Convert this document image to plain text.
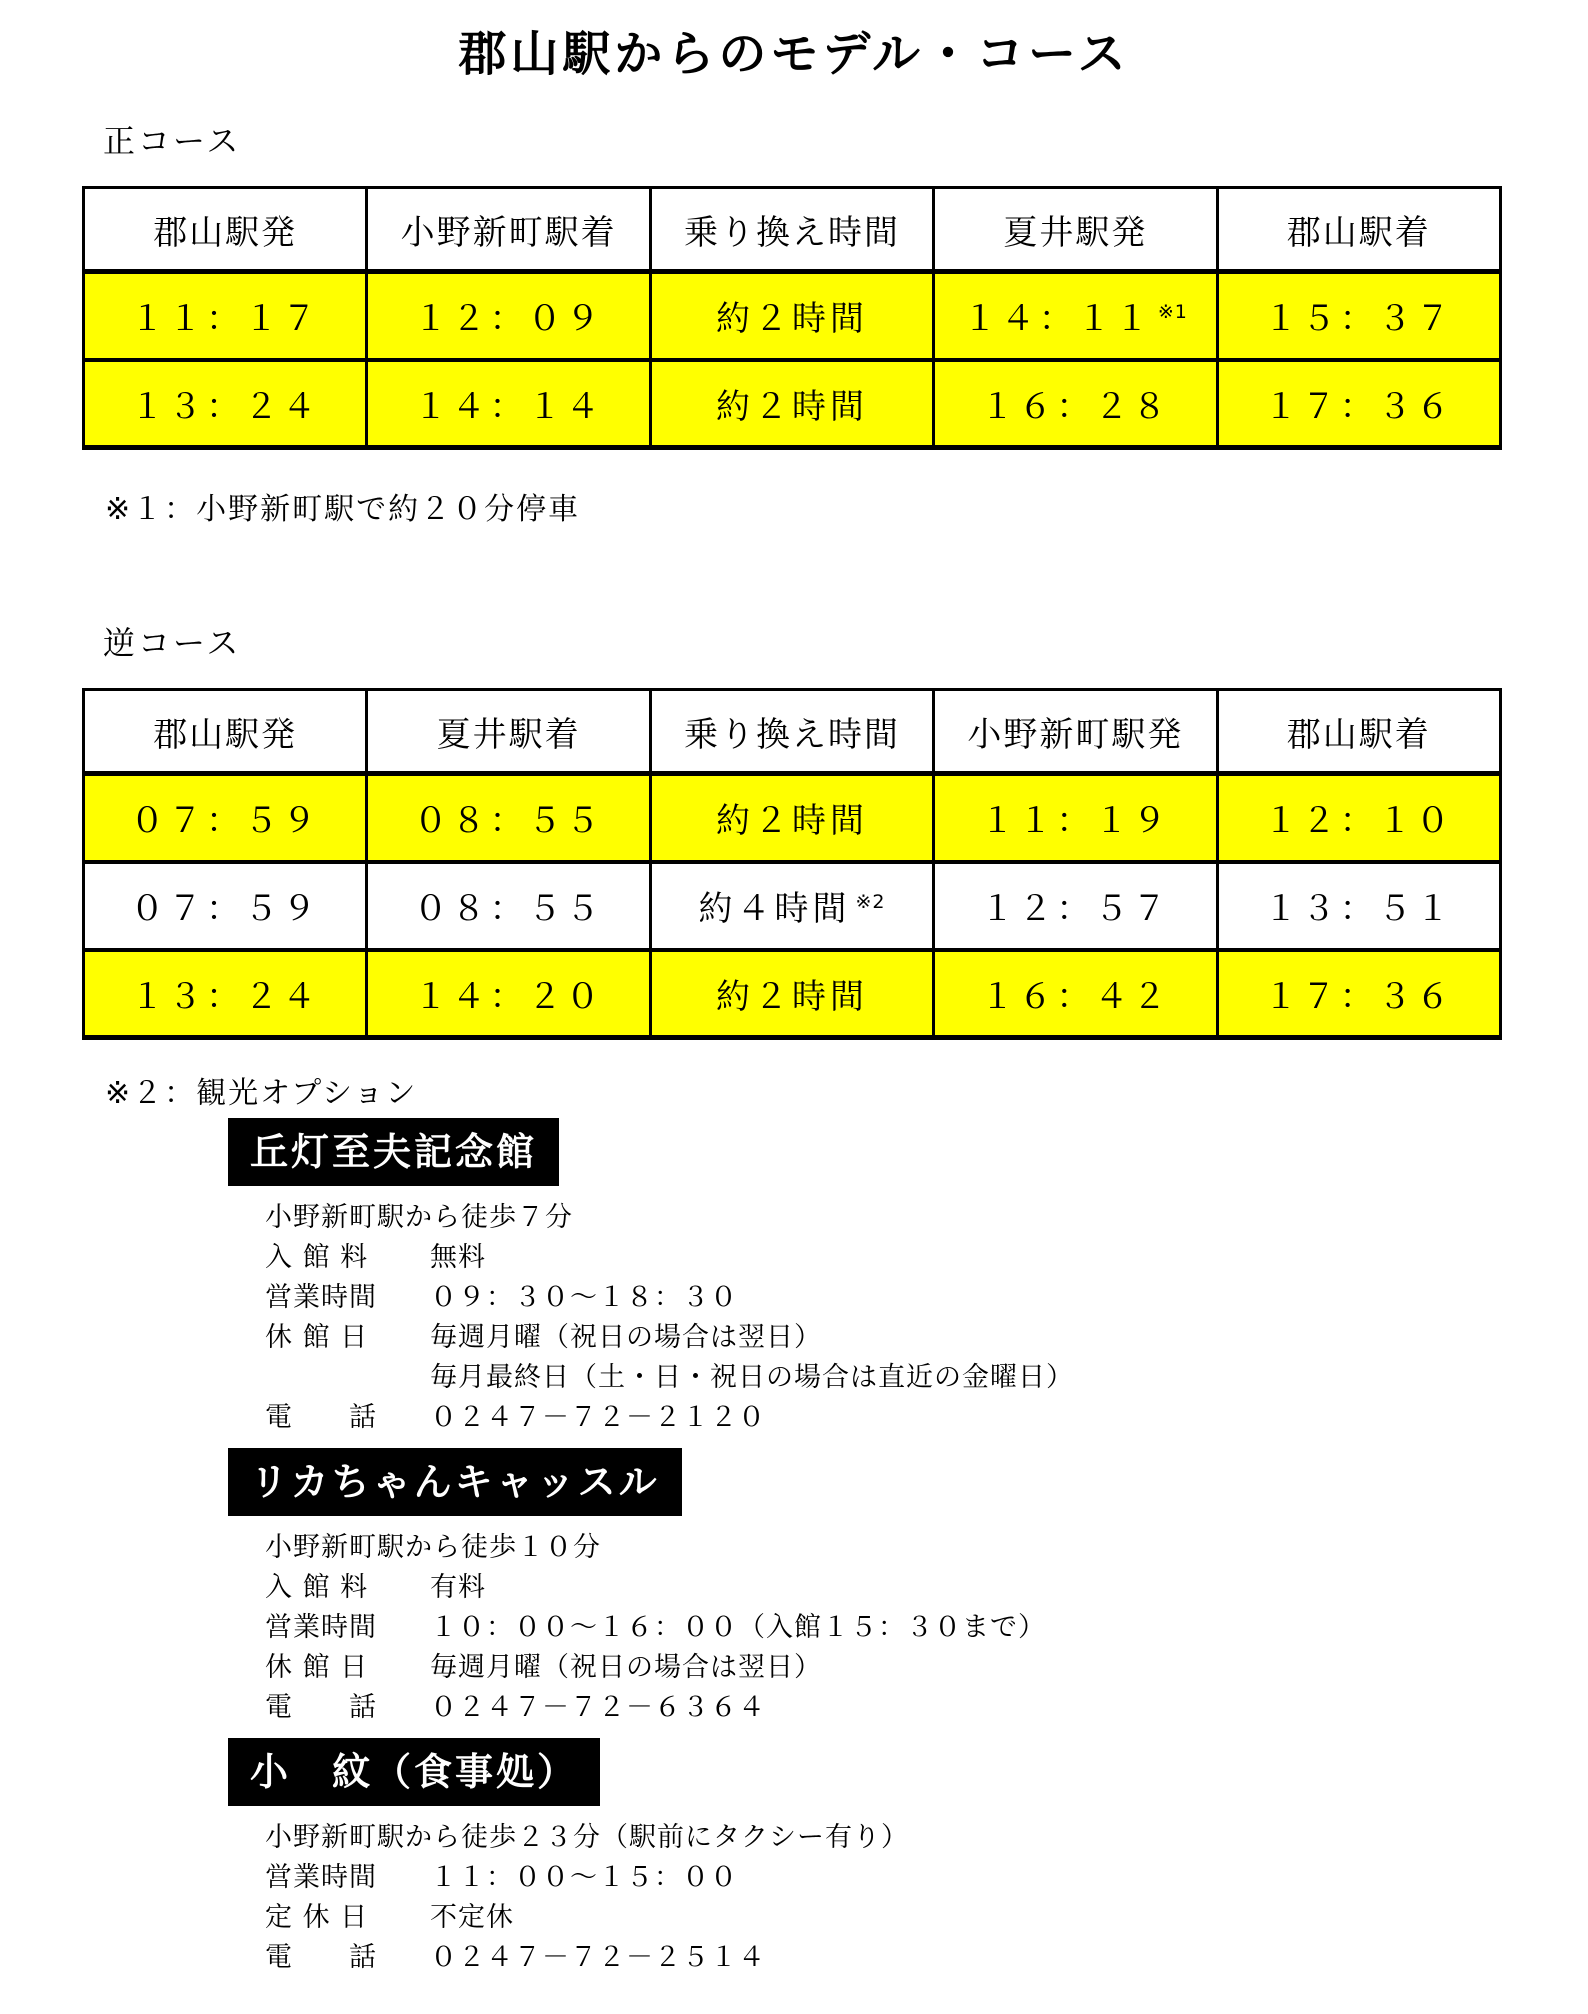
郡山駅からのモデル・コース
正コース
郡山駅発	小野新町駅着	乗り換え時間	夏井駅発	郡山駅着
１１：１７	１２：０９	約２時間	１４：１１ $^{※1}$	１５：３７
１３：２４	１４：１４	約２時間	１６：２８	１７：３６
※１：小野新町駅で約２０分停車
逆コース
郡山駅発	夏井駅着	乗り換え時間	小野新町駅発	郡山駅着
０７：５９	０８：５５	約２時間	１１：１９	１２：１０
０７：５９	０８：５５	約４時間 $^{※2}$	１２：５７	１３：５１
１３：２４	１４：２０	約２時間	１６：４２	１７：３６
※２：観光オプション
丘灯至夫記念館
小野新町駅から徒歩７分
入 館 料	無料
営業時間	０９：３０～１８：３０
休 館 日	毎週月曜（祝日の場合は翌日）
毎月最終日（土・日・祝日の場合は直近の金曜日）
電　　話	０２４７－７２－２１２０
リカちゃんキャッスル
小野新町駅から徒歩１０分
入 館 料	有料
営業時間	１０：００～１６：００（入館１５：３０まで）
休 館 日	毎週月曜（祝日の場合は翌日）
電　　話	０２４７－７２－６３６４
小　紋（食事処）
小野新町駅から徒歩２３分（駅前にタクシー有り）
営業時間	１１：００～１５：００
定 休 日	不定休
電　　話	０２４７－７２－２５１４
